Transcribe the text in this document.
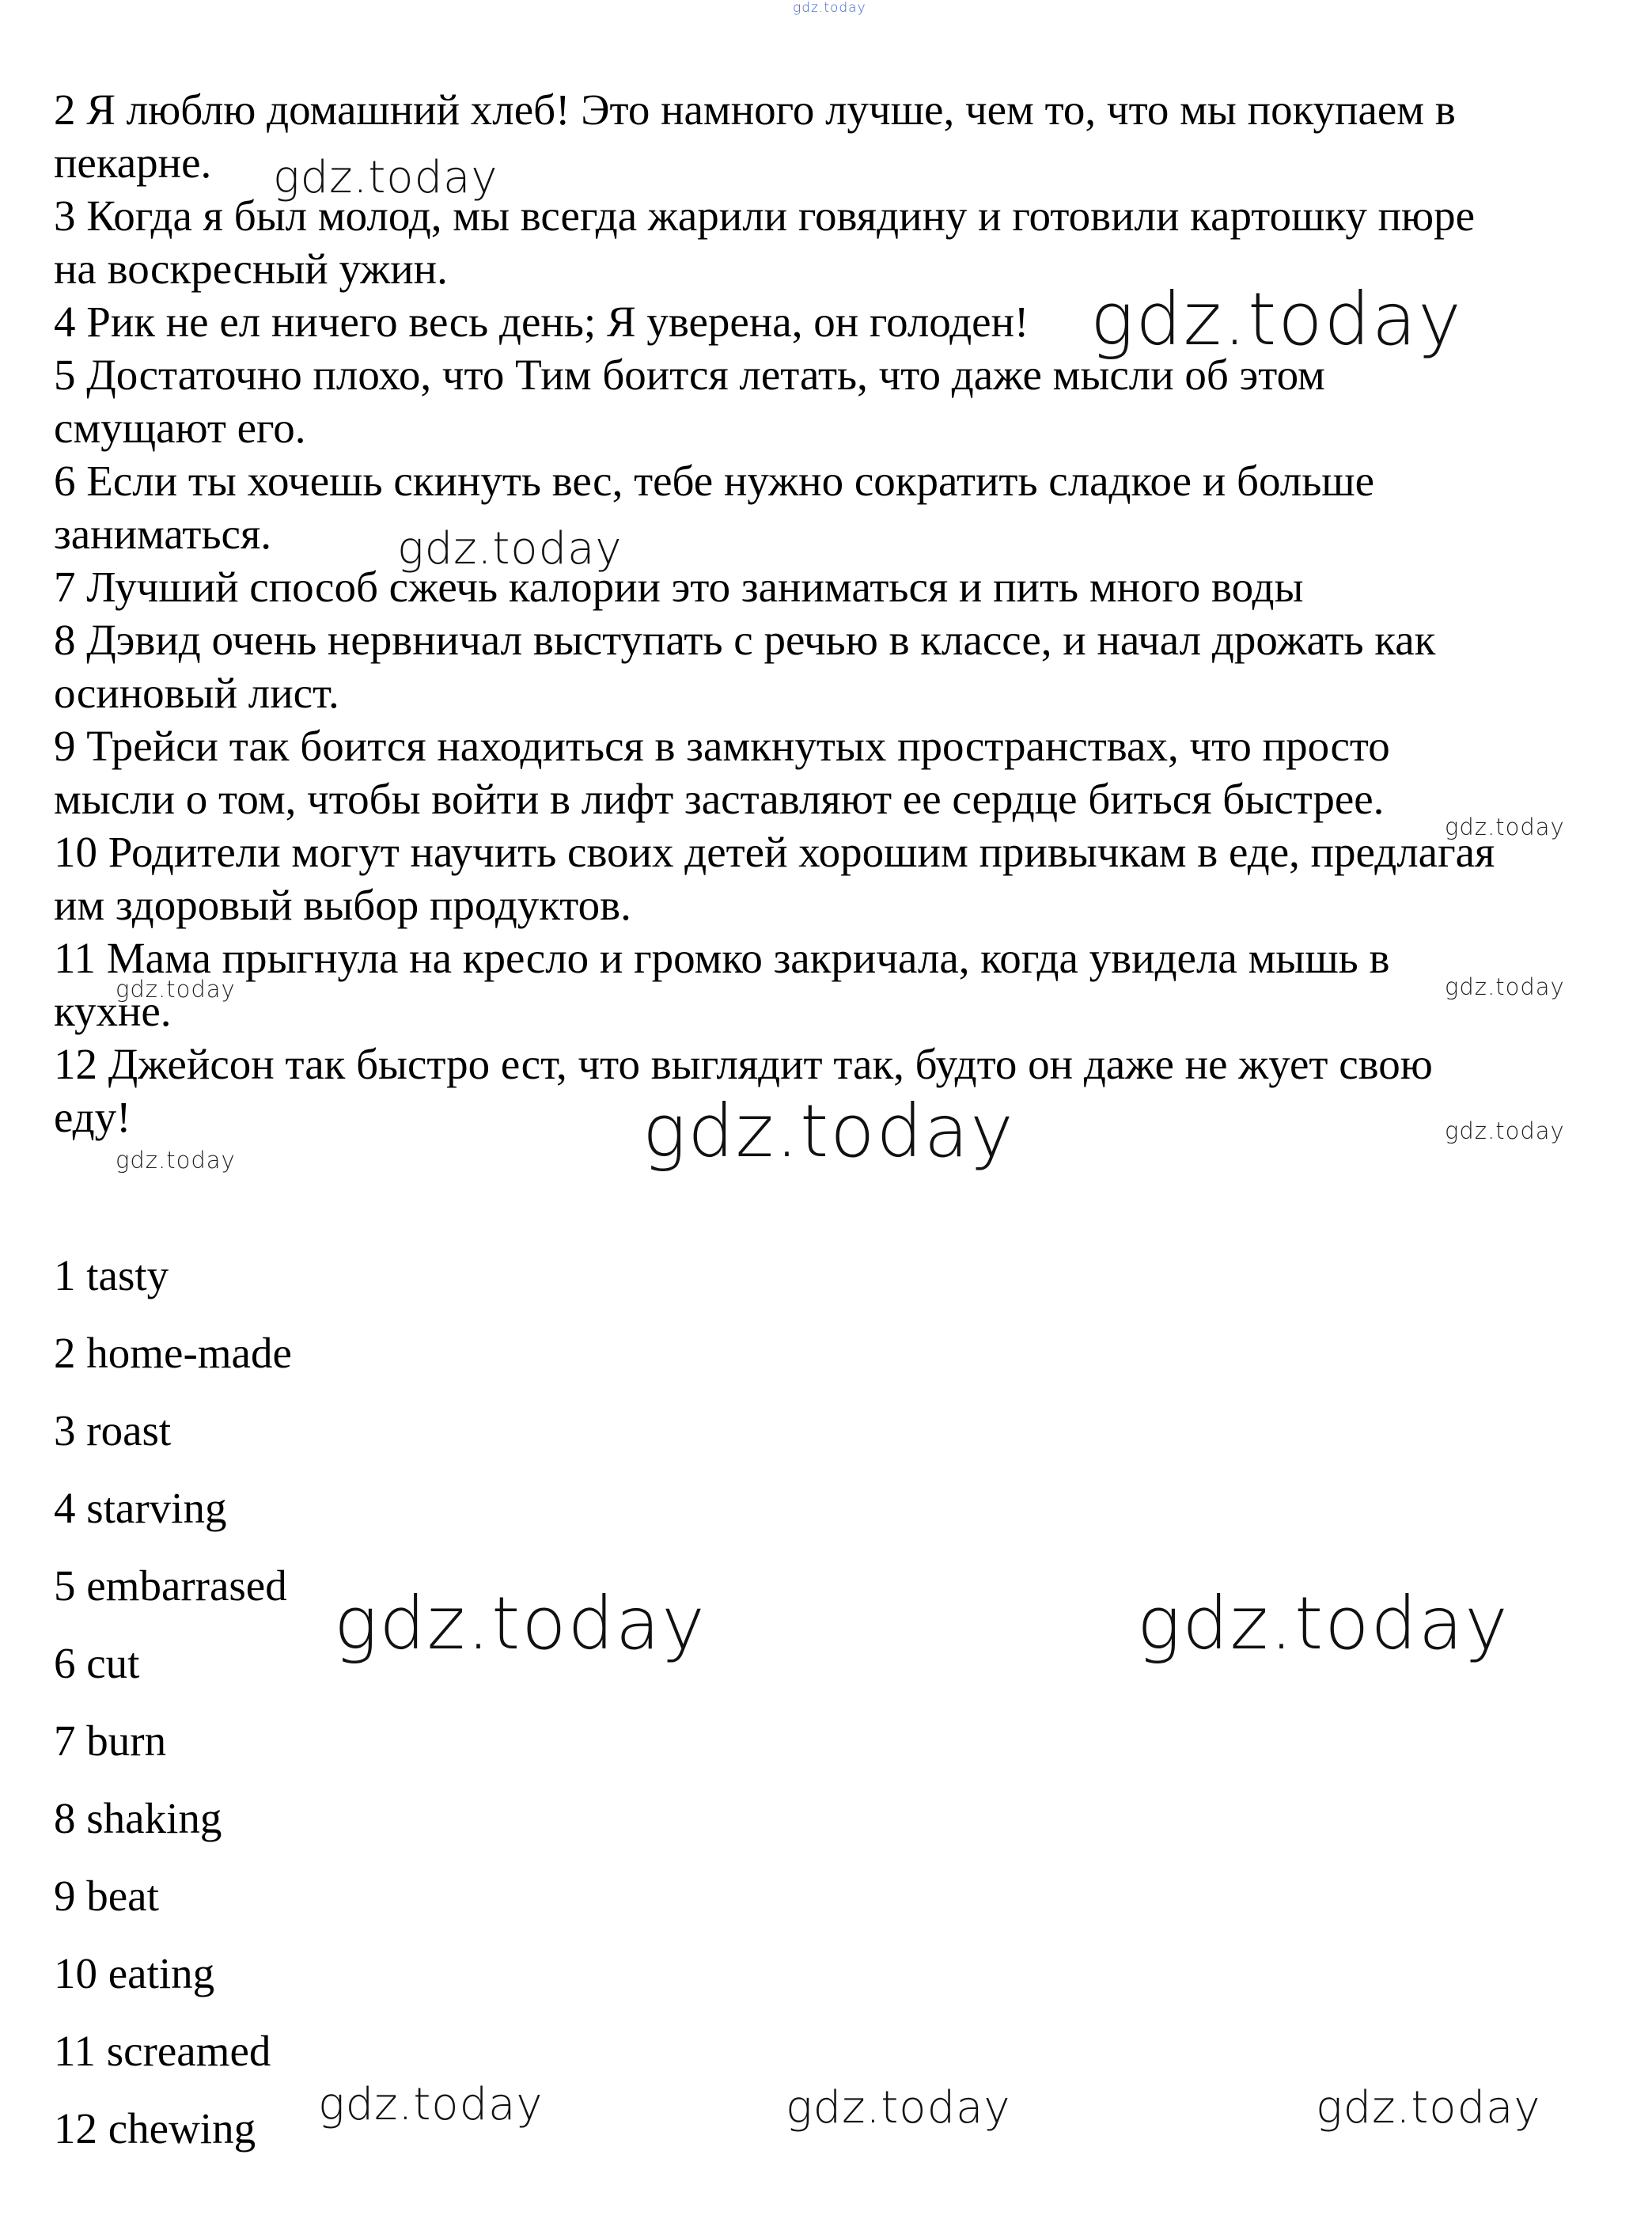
gdz.today
2 Я люблю домашний хлеб! Это намного лучше, чем то, что мы покупаем в
пекарне.
3 Когда я был молод, мы всегда жарили говядину и готовили картошку пюре
на воскресный ужин.
4 Рик не ел ничего весь день; Я уверена, он голоден!
5 Достаточно плохо, что Тим боится летать, что даже мысли об этом
смущают его.
6 Если ты хочешь скинуть вес, тебе нужно сократить сладкое и больше
заниматься.
7 Лучший способ сжечь калории это заниматься и пить много воды
8 Дэвид очень нервничал выступать с речью в классе, и начал дрожать как
осиновый лист.
9 Трейси так боится находиться в замкнутых пространствах, что просто
мысли о том, чтобы войти в лифт заставляют ее сердце биться быстрее.
10 Родители могут научить своих детей хорошим привычкам в еде, предлагая
им здоровый выбор продуктов.
11 Мама прыгнула на кресло и громко закричала, когда увидела мышь в
кухне.
12 Джейсон так быстро ест, что выглядит так, будто он даже не жует свою
еду!
1 tasty
2 home-made
3 roast
4 starving
5 embarrased
6 cut
7 burn
8 shaking
9 beat
10 eating
11 screamed
12 chewing
gdz.today
gdz.today
gdz.today
gdz.today
gdz.today	gdz.today
gdz.today	gdz.today
gdz.today
gdz.today	gdz.today
gdz.today	gdz.today	gdz.today
